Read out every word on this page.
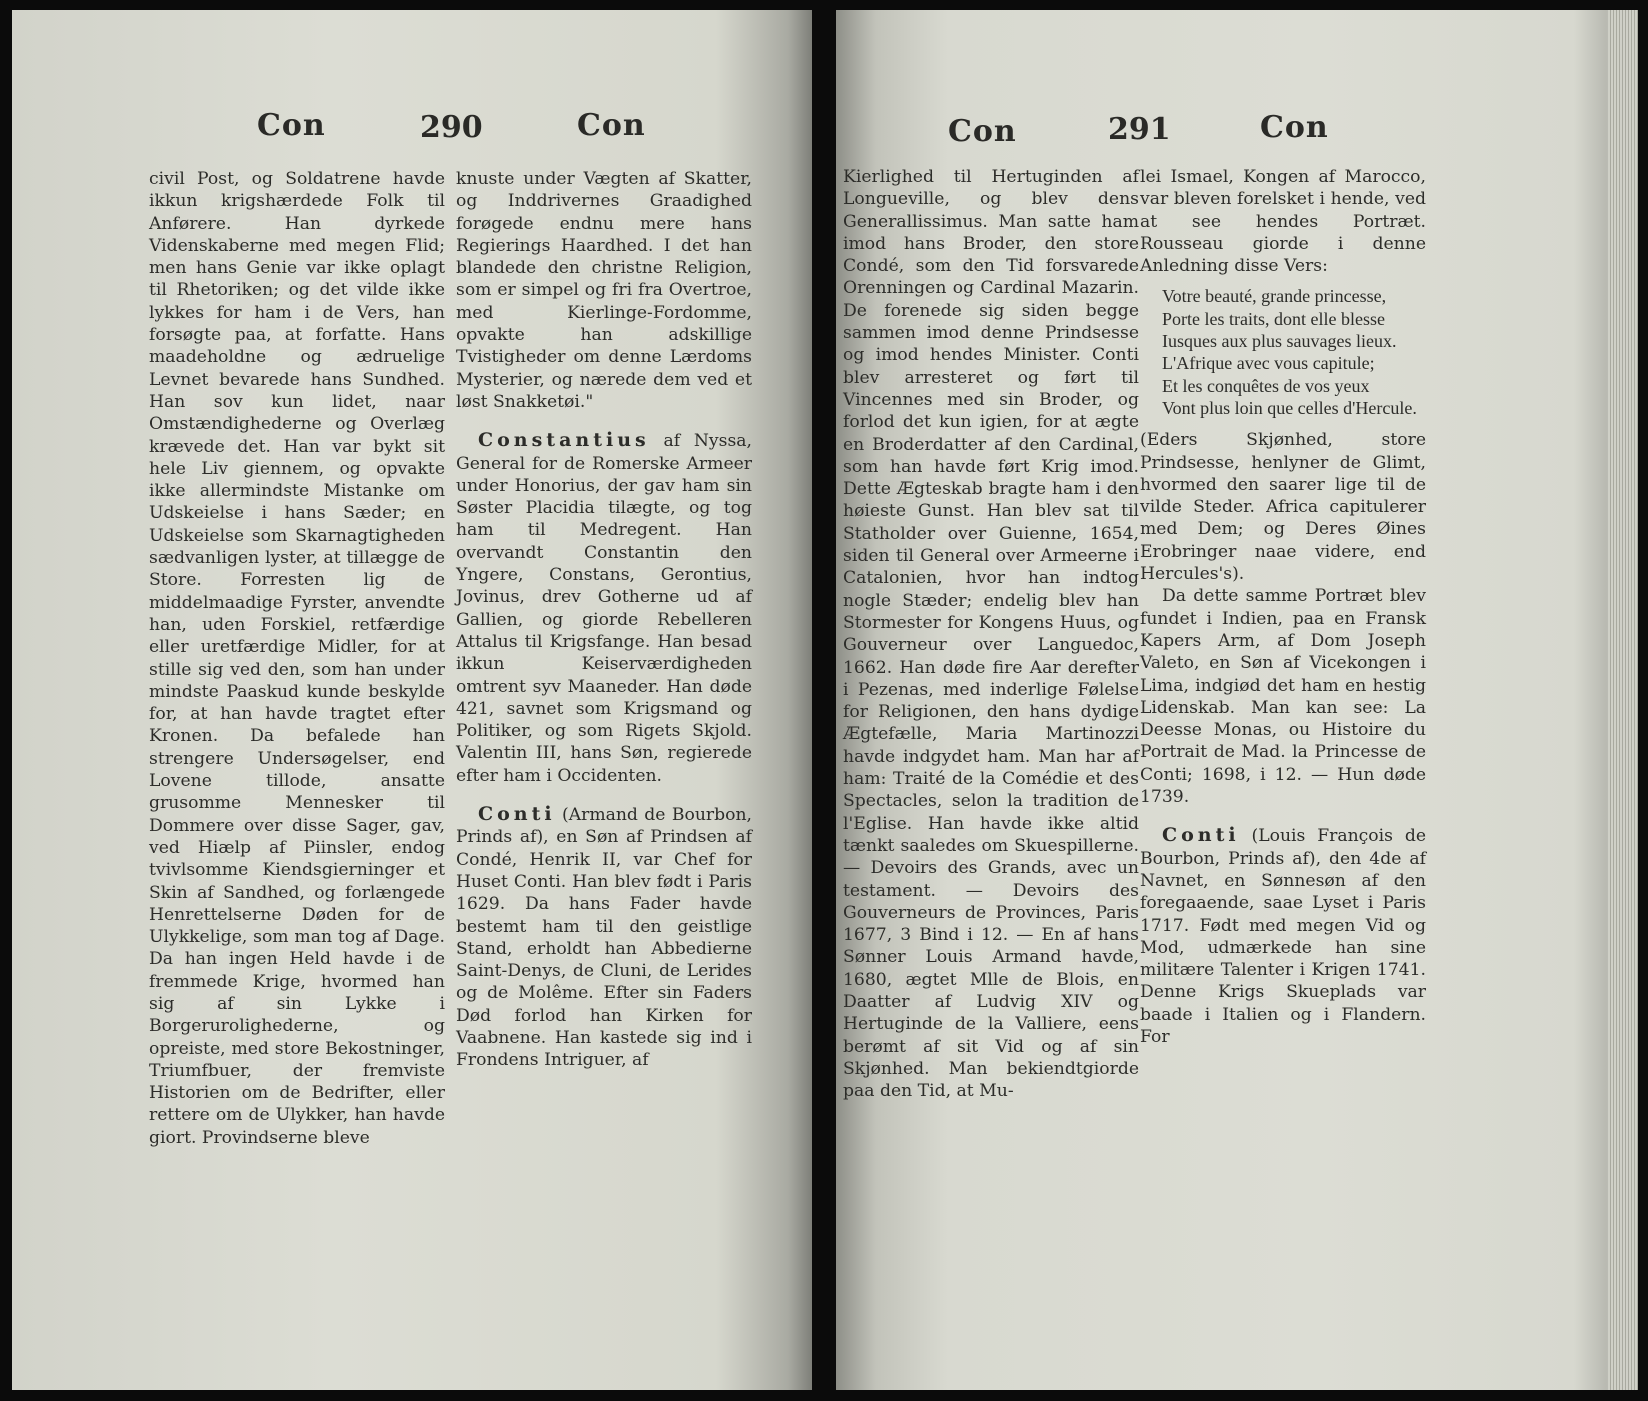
Con	290	Con

civil Post, og Soldatrene havde ikkun krigshærdede Folk til Anførere. Han dyrkede Videnskaberne med megen Flid; men hans Genie var ikke oplagt til Rhetoriken; og det vilde ikke lykkes for ham i de Vers, han forsøgte paa, at forfatte. Hans maadeholdne og ædruelige Levnet bevarede hans Sundhed. Han sov kun lidet, naar Omstændighederne og Overlæg krævede det. Han var bykt sit hele Liv giennem, og opvakte ikke allermindste Mistanke om Udskeielse i hans Sæder; en Udskeielse som Skarnagtigheden sædvanligen lyster, at tillægge de Store. Forresten lig de middelmaadige Fyrster, anvendte han, uden Forskiel, retfærdige eller uretfærdige Midler, for at stille sig ved den, som han under mindste Paaskud kunde beskylde for, at han havde tragtet efter Kronen. Da befalede han strengere Undersøgelser, end Lovene tillode, ansatte grusomme Mennesker til Dommere over disse Sager, gav, ved Hiælp af Piinsler, endog tvivlsomme Kiendsgierninger et Skin af Sandhed, og forlængede Henrettelserne Døden for de Ulykkelige, som man tog af Dage. Da han ingen Held havde i de fremmede Krige, hvormed han sig af sin Lykke i Borgerurolighederne, og opreiste, med store Bekostninger, Triumfbuer, der fremviste Historien om de Bedrifter, eller rettere om de Ulykker, han havde giort. Provindserne bleve

knuste under Vægten af Skatter, og Inddrivernes Graadighed forøgede endnu mere hans Regierings Haardhed. I det han blandede den christne Religion, som er simpel og fri fra Overtroe, med Kierlinge-Fordomme, opvakte han adskillige Tvistigheder om denne Lærdoms Mysterier, og nærede dem ved et løst Snakketøi."

Constantius af Nyssa, General for de Romerske Armeer under Honorius, der gav ham sin Søster Placidia tilægte, og tog ham til Medregent. Han overvandt Constantin den Yngere, Constans, Gerontius, Jovinus, drev Gotherne ud af Gallien, og giorde Rebelleren Attalus til Krigsfange. Han besad ikkun Keiserværdigheden omtrent syv Maaneder. Han døde 421, savnet som Krigsmand og Politiker, og som Rigets Skjold. Valentin III, hans Søn, regierede efter ham i Occidenten.

Conti (Armand de Bourbon, Prinds af), en Søn af Prindsen af Condé, Henrik II, var Chef for Huset Conti. Han blev født i Paris 1629. Da hans Fader havde bestemt ham til den geistlige Stand, erholdt han Abbedierne Saint-Denys, de Cluni, de Lerides og de Molême. Efter sin Faders Død forlod han Kirken for Vaabnene. Han kastede sig ind i Frondens Intriguer, af

Con	291	Con

Kierlighed til Hertuginden af Longueville, og blev dens Generallissimus. Man satte ham imod hans Broder, den store Condé, som den Tid forsvarede Orenningen og Cardinal Mazarin. De forenede sig siden begge sammen imod denne Prindsesse og imod hendes Minister. Conti blev arresteret og ført til Vincennes med sin Broder, og forlod det kun igien, for at ægte en Broderdatter af den Cardinal, som han havde ført Krig imod. Dette Ægteskab bragte ham i den høieste Gunst. Han blev sat til Statholder over Guienne, 1654, siden til General over Armeerne i Catalonien, hvor han indtog nogle Stæder; endelig blev han Stormester for Kongens Huus, og Gouverneur over Languedoc, 1662. Han døde fire Aar derefter i Pezenas, med inderlige Følelse for Religionen, den hans dydige Ægtefælle, Maria Martinozzi havde indgydet ham. Man har af ham: Traité de la Comédie et des Spectacles, selon la tradition de l'Eglise. Han havde ikke altid tænkt saaledes om Skuespillerne. — Devoirs des Grands, avec un testament. — Devoirs des Gouverneurs de Provinces, Paris 1677, 3 Bind i 12. — En af hans Sønner Louis Armand havde, 1680, ægtet Mlle de Blois, en Daatter af Ludvig XIV og Hertuginde de la Valliere, eens berømt af sit Vid og af sin Skjønhed. Man bekiendtgiorde paa den Tid, at Mu-

lei Ismael, Kongen af Marocco, var bleven forelsket i hende, ved at see hendes Portræt. Rousseau giorde i denne Anledning disse Vers:

Votre beauté, grande princesse,
Porte les traits, dont elle blesse
Iusques aux plus sauvages lieux.
L'Afrique avec vous capitule;
Et les conquêtes de vos yeux
Vont plus loin que celles d'Hercule.

(Eders Skjønhed, store Prindsesse, henlyner de Glimt, hvormed den saarer lige til de vilde Steder. Africa capitulerer med Dem; og Deres Øines Erobringer naae videre, end Hercules's).

Da dette samme Portræt blev fundet i Indien, paa en Fransk Kapers Arm, af Dom Joseph Valeto, en Søn af Vicekongen i Lima, indgiød det ham en hestig Lidenskab. Man kan see: La Deesse Monas, ou Histoire du Portrait de Mad. la Princesse de Conti; 1698, i 12. — Hun døde 1739.

Conti (Louis François de Bourbon, Prinds af), den 4de af Navnet, en Sønnesøn af den foregaaende, saae Lyset i Paris 1717. Født med megen Vid og Mod, udmærkede han sine militære Talenter i Krigen 1741. Denne Krigs Skueplads var baade i Italien og i Flandern. For
